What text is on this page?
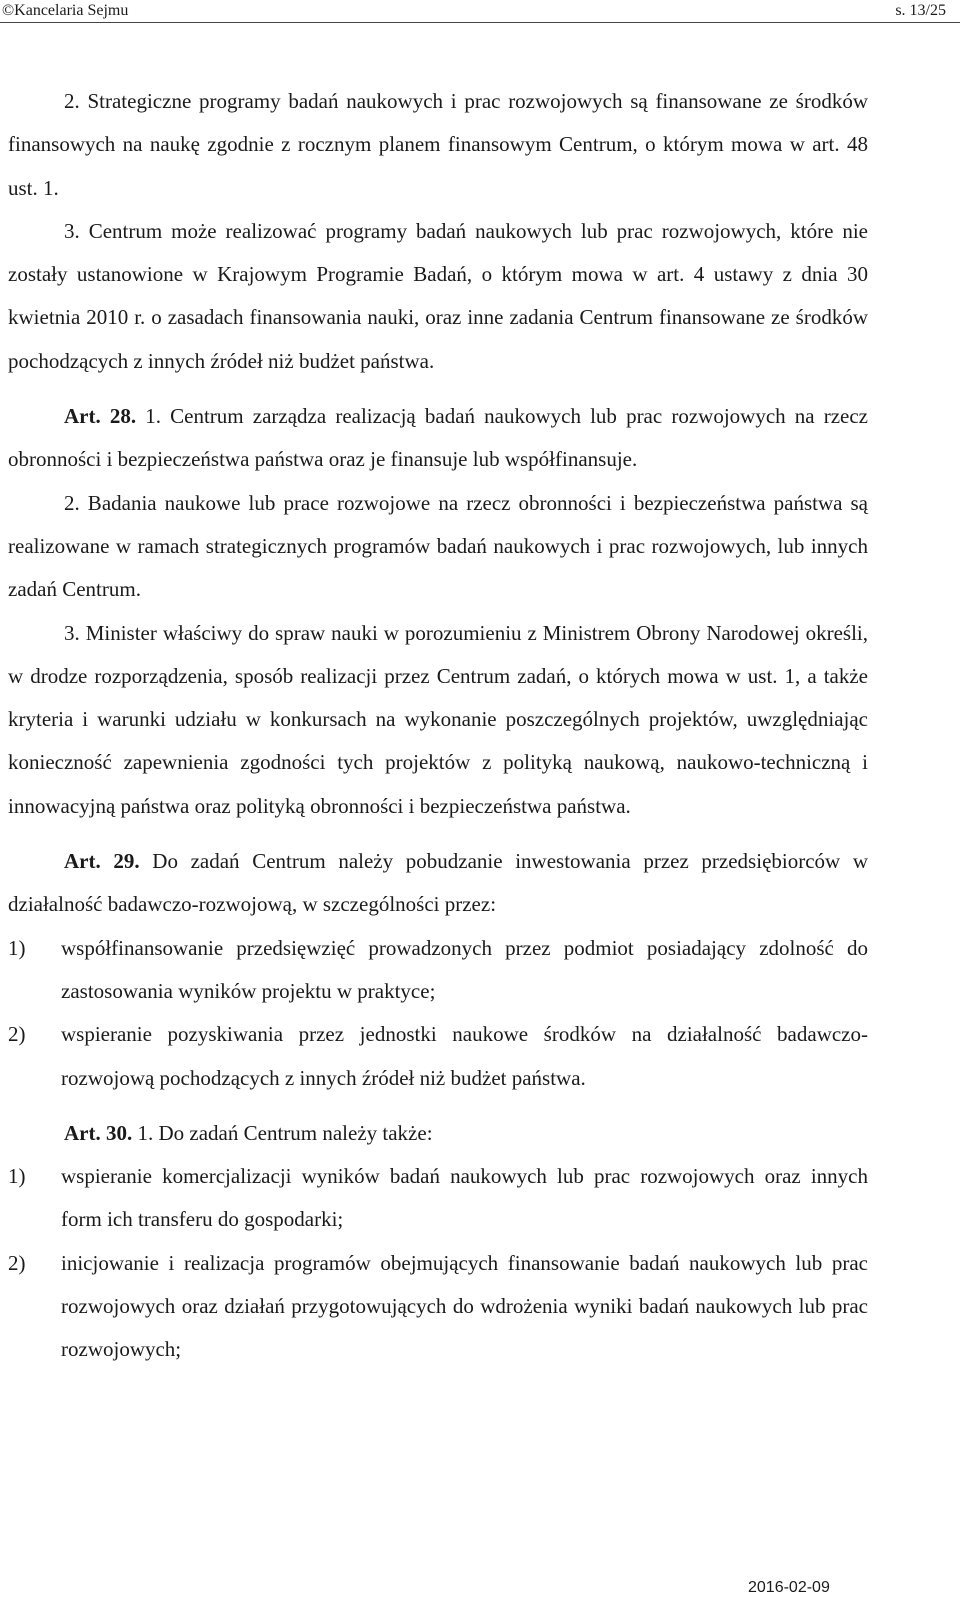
©Kancelaria Sejmu	s. 13/25

2. Strategiczne programy badań naukowych i prac rozwojowych są finansowane ze środków finansowych na naukę zgodnie z rocznym planem finansowym Centrum, o którym mowa w art. 48 ust. 1.

3. Centrum może realizować programy badań naukowych lub prac rozwojowych, które nie zostały ustanowione w Krajowym Programie Badań, o którym mowa w art. 4 ustawy z dnia 30 kwietnia 2010 r. o zasadach finansowania nauki, oraz inne zadania Centrum finansowane ze środków pochodzących z innych źródeł niż budżet państwa.

Art. 28. 1. Centrum zarządza realizacją badań naukowych lub prac rozwojowych na rzecz obronności i bezpieczeństwa państwa oraz je finansuje lub współfinansuje.

2. Badania naukowe lub prace rozwojowe na rzecz obronności i bezpieczeństwa państwa są realizowane w ramach strategicznych programów badań naukowych i prac rozwojowych, lub innych zadań Centrum.

3. Minister właściwy do spraw nauki w porozumieniu z Ministrem Obrony Narodowej określi, w drodze rozporządzenia, sposób realizacji przez Centrum zadań, o których mowa w ust. 1, a także kryteria i warunki udziału w konkursach na wykonanie poszczególnych projektów, uwzględniając konieczność zapewnienia zgodności tych projektów z polityką naukową, naukowo-techniczną i innowacyjną państwa oraz polityką obronności i bezpieczeństwa państwa.

Art. 29. Do zadań Centrum należy pobudzanie inwestowania przez przedsiębiorców w działalność badawczo-rozwojową, w szczególności przez:

1) współfinansowanie przedsięwzięć prowadzonych przez podmiot posiadający zdolność do zastosowania wyników projektu w praktyce;
2) wspieranie pozyskiwania przez jednostki naukowe środków na działalność badawczo-rozwojową pochodzących z innych źródeł niż budżet państwa.

Art. 30. 1. Do zadań Centrum należy także:

1) wspieranie komercjalizacji wyników badań naukowych lub prac rozwojowych oraz innych form ich transferu do gospodarki;
2) inicjowanie i realizacja programów obejmujących finansowanie badań naukowych lub prac rozwojowych oraz działań przygotowujących do wdrożenia wyniki badań naukowych lub prac rozwojowych;
2016-02-09
